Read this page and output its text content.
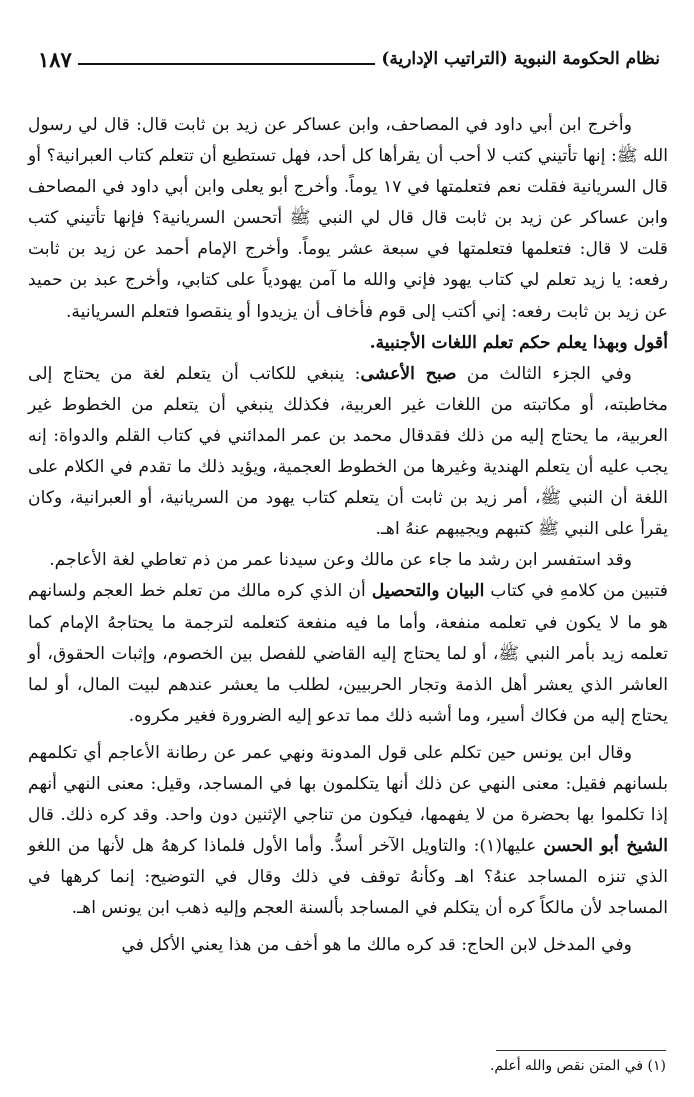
نظام الحكومة النبوية (التراتيب الإدارية)
١٨٧

وأخرج ابن أبي داود في المصاحف، وابن عساكر عن زيد بن ثابت قال: قال لي رسول الله ﷺ: إنها تأتيني كتب لا أحب أن يقرأها كل أحد، فهل تستطيع أن تتعلم كتاب العبرانية؟ أو قال السريانية فقلت نعم فتعلمتها في ١٧ يوماً. وأخرج أبو يعلى وابن أبي داود في المصاحف وابن عساكر عن زيد بن ثابت قال قال لي النبي ﷺ أتحسن السريانية؟ فإنها تأتيني كتب قلت لا قال: فتعلمها فتعلمتها في سبعة عشر يوماً. وأخرج الإمام أحمد عن زيد بن ثابت رفعه: يا زيد تعلم لي كتاب يهود فإني والله ما آمن يهودياً على كتابي، وأخرج عبد بن حميد عن زيد بن ثابت رفعه: إني أكتب إلى قوم فأخاف أن يزيدوا أو ينقصوا فتعلم السريانية.

أقول وبهذا يعلم حكم تعلم اللغات الأجنبية.

وفي الجزء الثالث من صبح الأعشى: ينبغي للكاتب أن يتعلم لغة من يحتاج إلى مخاطبته، أو مكاتبته من اللغات غير العربية، فكذلك ينبغي أن يتعلم من الخطوط غير العربية، ما يحتاج إليه من ذلك فقدقال محمد بن عمر المدائني في كتاب القلم والدواة: إنه يجب عليه أن يتعلم الهندية وغيرها من الخطوط العجمية، ويؤيد ذلك ما تقدم في الكلام على اللغة أن النبي ﷺ، أمر زيد بن ثابت أن يتعلم كتاب يهود من السريانية، أو العبرانية، وكان يقرأ على النبي ﷺ كتبهم ويجيبهم عنهُ اهـ.

وقد استفسر ابن رشد ما جاء عن مالك وعن سيدنا عمر من ذم تعاطي لغة الأعاجم.

فتبين من كلامهِ في كتاب البيان والتحصيل أن الذي كره مالك من تعلم خط العجم ولسانهم هو ما لا يكون في تعلمه منفعة، وأما ما فيه منفعة كتعلمه لترجمة ما يحتاجهُ الإمام كما تعلمه زيد بأمر النبي ﷺ، أو لما يحتاج إليه القاضي للفصل بين الخصوم، وإثبات الحقوق، أو العاشر الذي يعشر أهل الذمة وتجار الحربيين، لطلب ما يعشر عندهم لبيت المال، أو لما يحتاج إليه من فكاك أسير، وما أشبه ذلك مما تدعو إليه الضرورة فغير مكروه.

وقال ابن يونس حين تكلم على قول المدونة ونهي عمر عن رطانة الأعاجم أي تكلمهم بلسانهم فقيل: معنى النهي عن ذلك أنها يتكلمون بها في المساجد، وقيل: معنى النهي أنهم إذا تكلموا بها بحضرة من لا يفهمها، فيكون من تناجي الإثنين دون واحد. وقد كره ذلك. قال الشيخ أبو الحسن عليها(١): والتاويل الآخر أسدُّ. وأما الأول فلماذا كرههُ هل لأنها من اللغو الذي تنزه المساجد عنهُ؟ اهـ وكأنهُ توقف في ذلك وقال في التوضيح: إنما كرهها في المساجد لأن مالكاً كره أن يتكلم في المساجد بألسنة العجم وإليه ذهب ابن يونس اهـ.

وفي المدخل لابن الحاج: قد كره مالك ما هو أخف من هذا يعني الأكل في

(١) في المتن نقص والله أعلم.
